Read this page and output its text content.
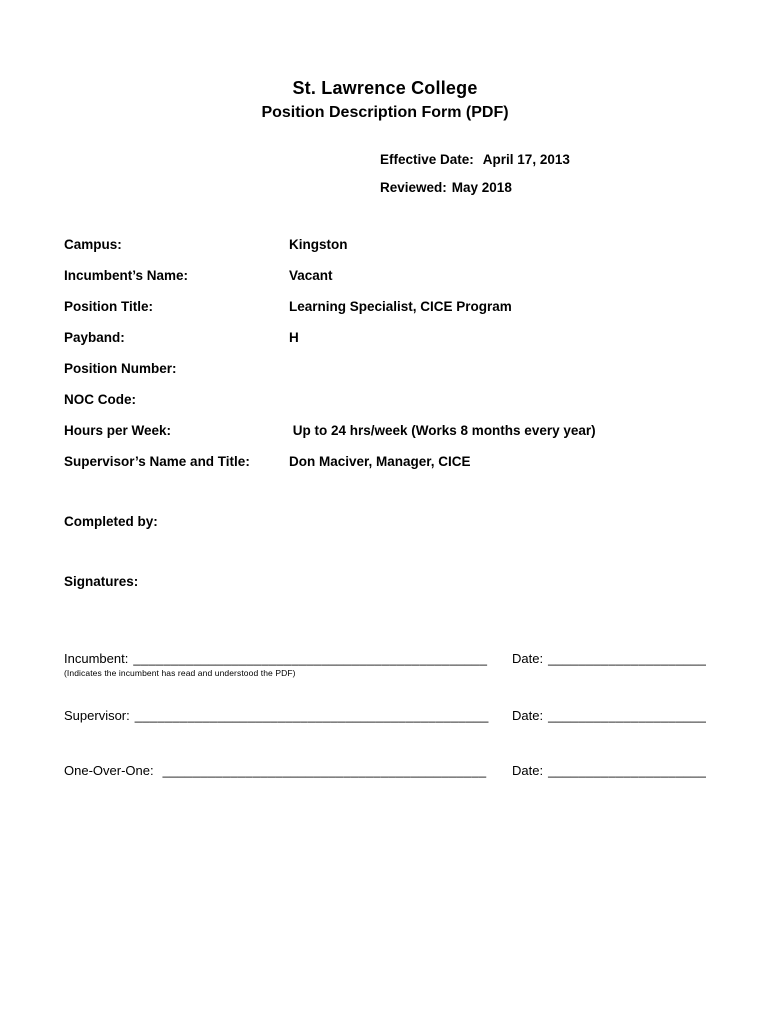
St. Lawrence College
Position Description Form (PDF)
Effective Date: April 17, 2013
Reviewed: May 2018
Campus:	Kingston
Incumbent’s Name:	Vacant
Position Title:	Learning Specialist, CICE Program
Payband:	H
Position Number:
NOC Code:
Hours per Week:	Up to 24 hrs/week (Works 8 months every year)
Supervisor’s Name and Title:	Don Maciver, Manager, CICE
Completed by:
Signatures:
Incumbent: _______________________________________________ Date: _____________________
(Indicates the incumbent has read and understood the PDF)
Supervisor: _______________________________________________ Date: _____________________
One-Over-One: ___________________________________________ Date: _____________________
